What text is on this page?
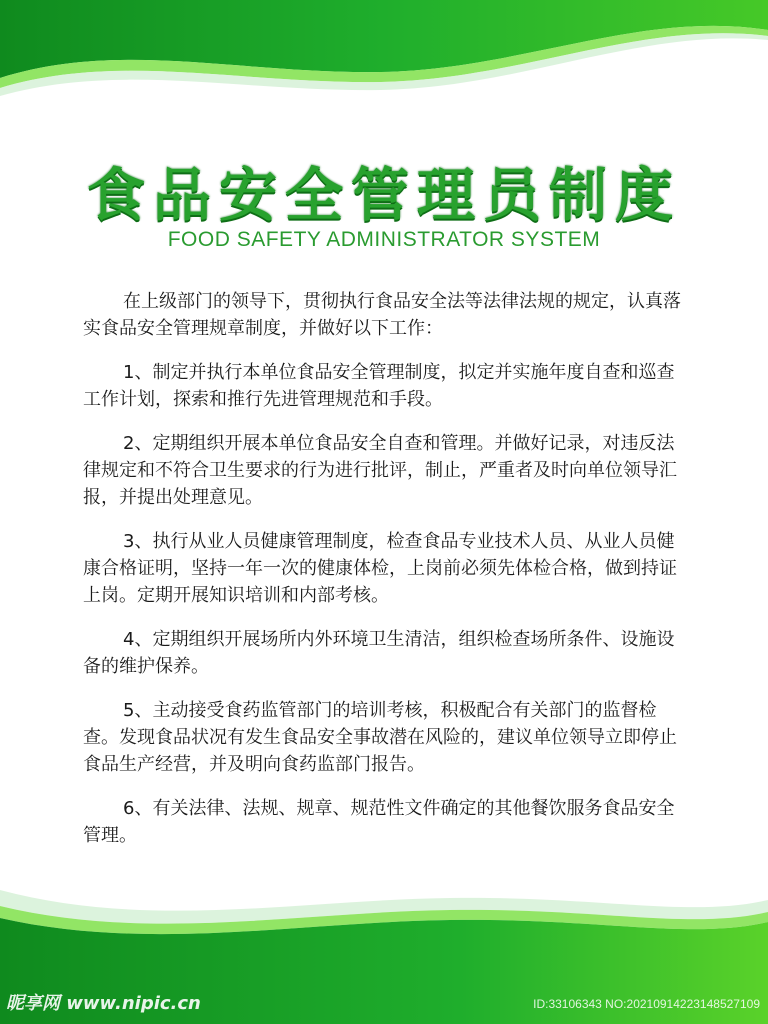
食品安全管理员制度
FOOD SAFETY ADMINISTRATOR SYSTEM

在上级部门的领导下，贯彻执行食品安全法等法律法规的规定，认真落实食品安全管理规章制度，并做好以下工作：

1、制定并执行本单位食品安全管理制度，拟定并实施年度自查和巡查工作计划，探索和推行先进管理规范和手段。

2、定期组织开展本单位食品安全自查和管理。并做好记录，对违反法律规定和不符合卫生要求的行为进行批评，制止，严重者及时向单位领导汇报，并提出处理意见。

3、执行从业人员健康管理制度，检查食品专业技术人员、从业人员健康合格证明，坚持一年一次的健康体检，上岗前必须先体检合格，做到持证上岗。定期开展知识培训和内部考核。

4、定期组织开展场所内外环境卫生清洁，组织检查场所条件、设施设备的维护保养。

5、主动接受食药监管部门的培训考核，积极配合有关部门的监督检查。发现食品状况有发生食品安全事故潜在风险的，建议单位领导立即停止食品生产经营，并及明向食药监部门报告。

6、有关法律、法规、规章、规范性文件确定的其他餐饮服务食品安全管理。

昵享网 www.nipic.cn	ID:33106343 NO:20210914223148527109
